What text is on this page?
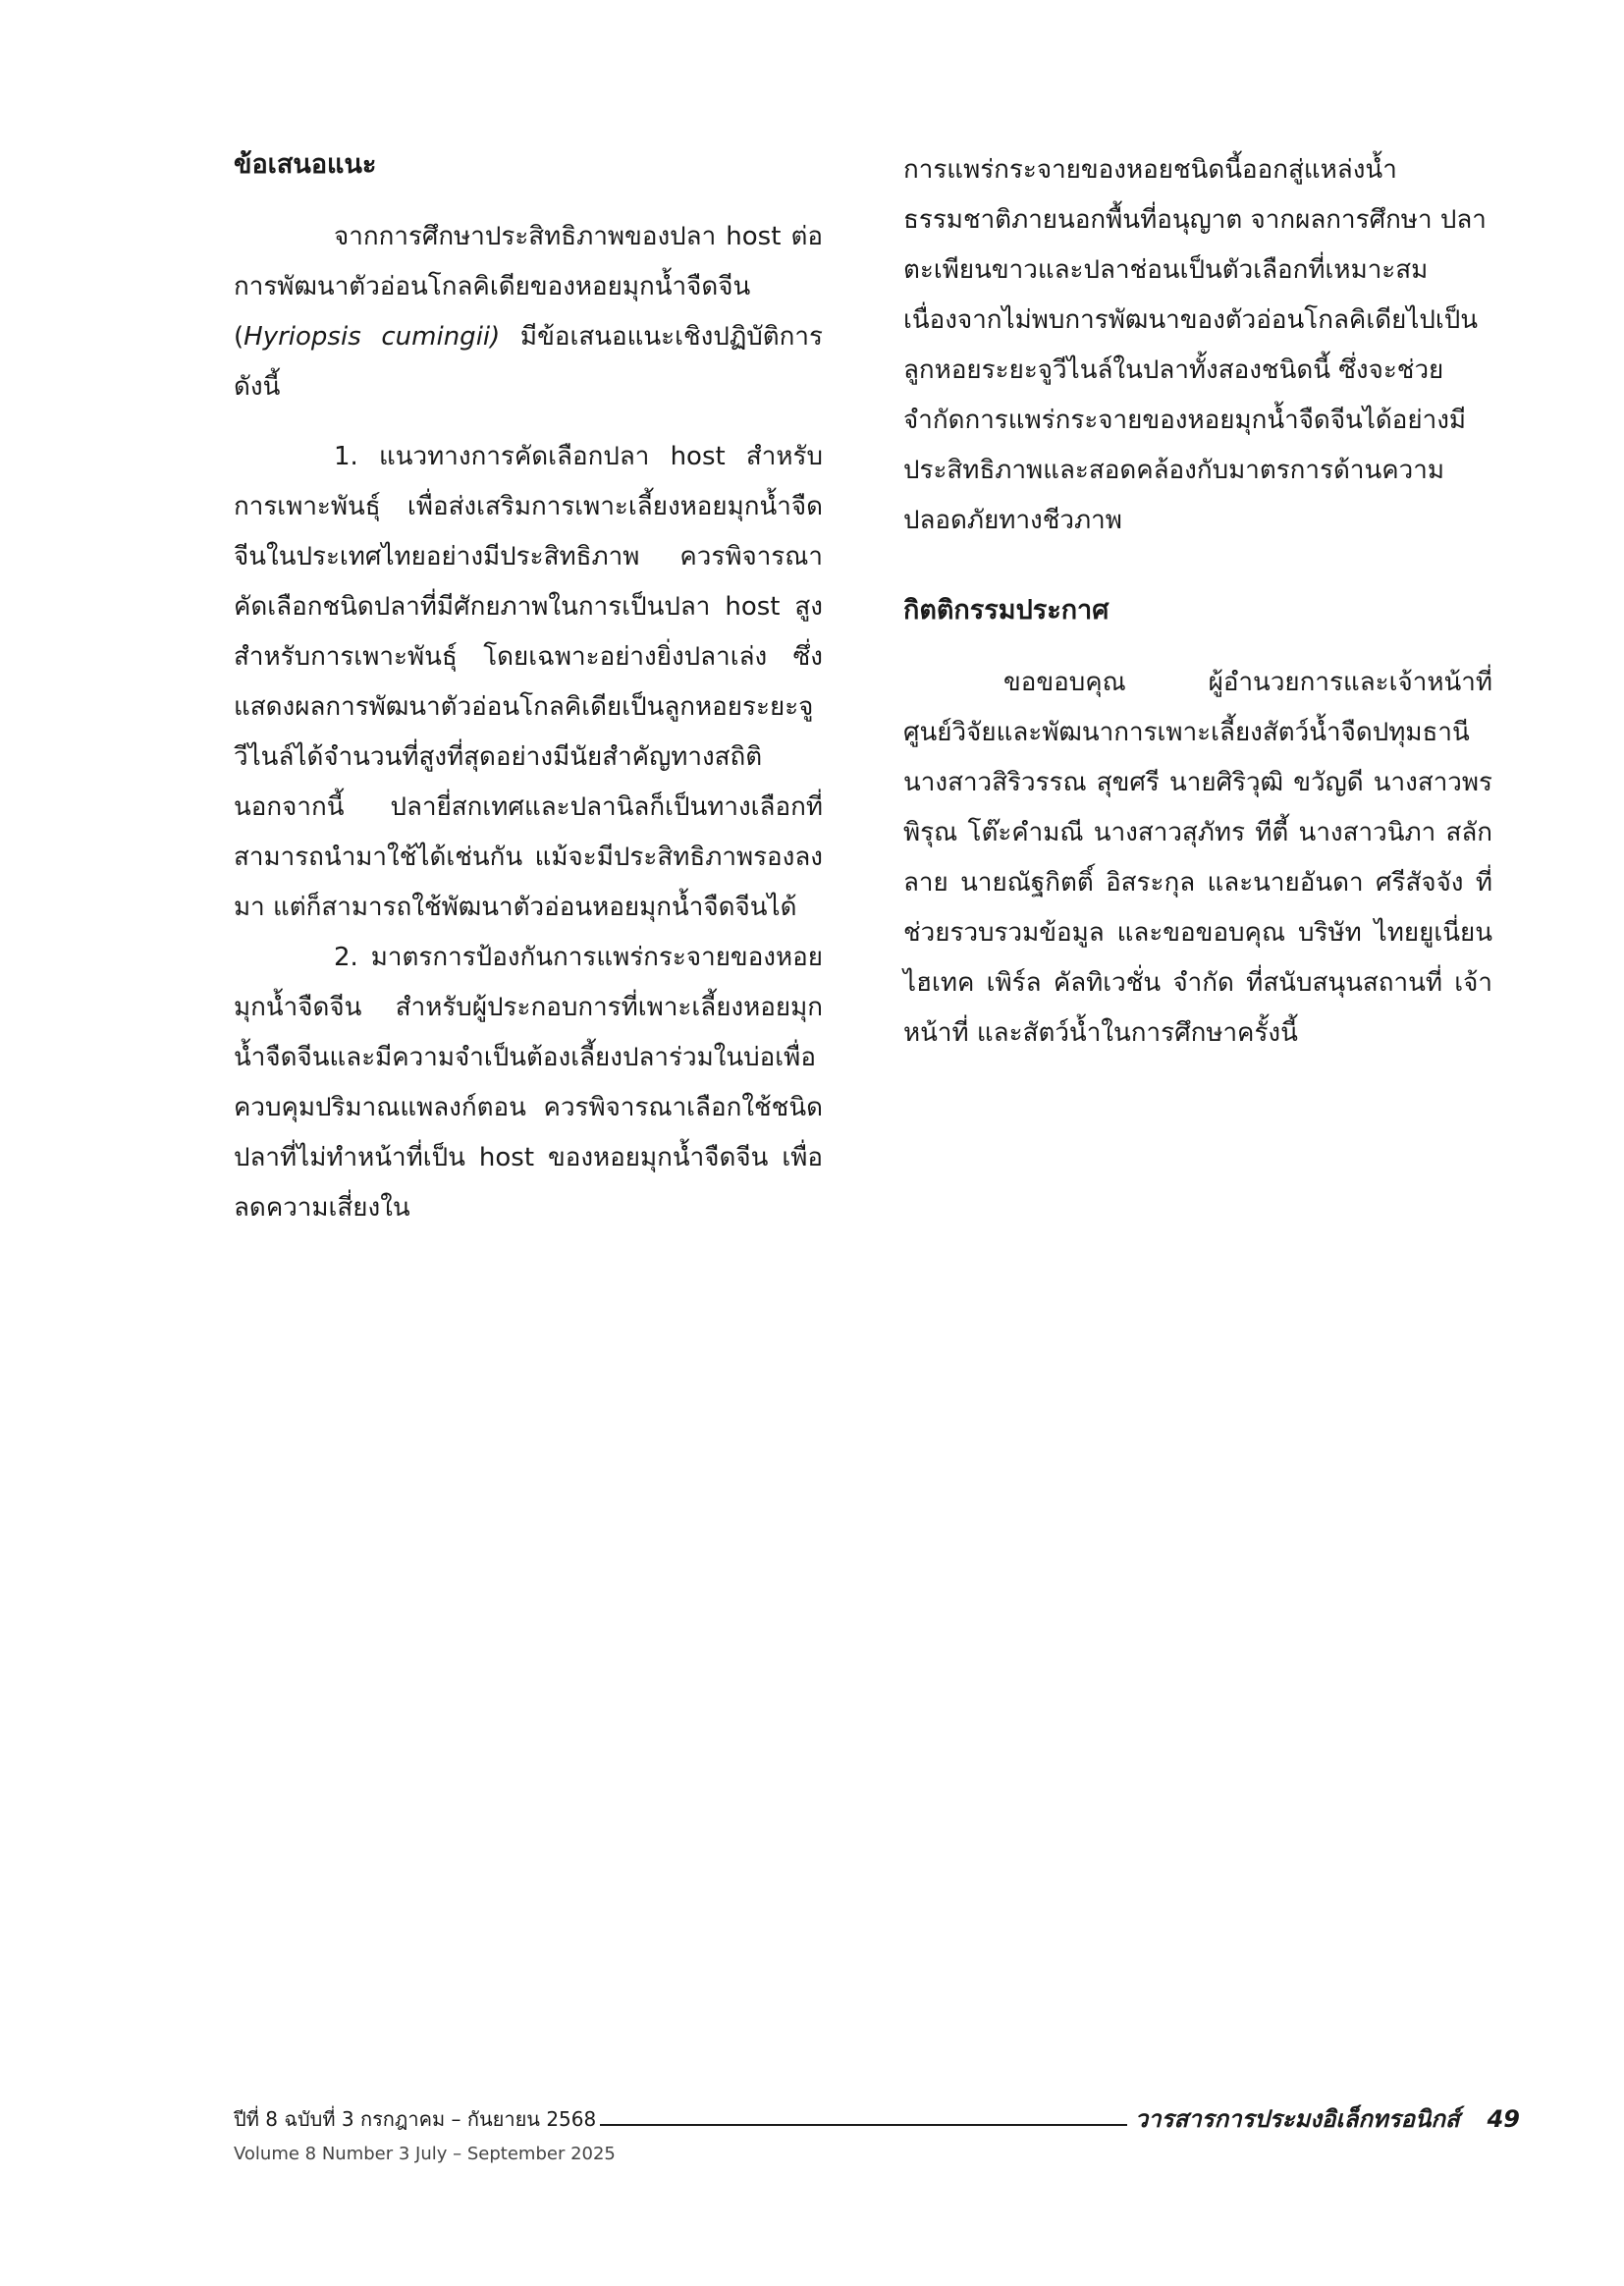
ข้อเสนอแนะ

จากการศึกษาประสิทธิภาพของปลา host ต่อการพัฒนาตัวอ่อนโกลคิเดียของหอยมุกน้ำจืดจีน (Hyriopsis cumingii) มีข้อเสนอแนะเชิงปฏิบัติการ ดังนี้

1. แนวทางการคัดเลือกปลา host สำหรับการเพาะพันธุ์ เพื่อส่งเสริมการเพาะเลี้ยงหอยมุกน้ำจืดจีนในประเทศไทยอย่างมีประสิทธิภาพ ควรพิจารณาคัดเลือกชนิดปลาที่มีศักยภาพในการเป็นปลา host สูงสำหรับการเพาะพันธุ์ โดยเฉพาะอย่างยิ่งปลาเล่ง ซึ่งแสดงผลการพัฒนาตัวอ่อนโกลคิเดียเป็นลูกหอยระยะจูวีไนล์ได้จำนวนที่สูงที่สุดอย่างมีนัยสำคัญทางสถิติ นอกจากนี้ ปลายี่สกเทศและปลานิลก็เป็นทางเลือกที่สามารถนำมาใช้ได้เช่นกัน แม้จะมีประสิทธิภาพรองลงมา แต่ก็สามารถใช้พัฒนาตัวอ่อนหอยมุกน้ำจืดจีนได้

2. มาตรการป้องกันการแพร่กระจายของหอยมุกน้ำจืดจีน สำหรับผู้ประกอบการที่เพาะเลี้ยงหอยมุกน้ำจืดจีนและมีความจำเป็นต้องเลี้ยงปลาร่วมในบ่อเพื่อควบคุมปริมาณแพลงก์ตอน ควรพิจารณาเลือกใช้ชนิดปลาที่ไม่ทำหน้าที่เป็น host ของหอยมุกน้ำจืดจีน เพื่อลดความเสี่ยงใน

การแพร่กระจายของหอยชนิดนี้ออกสู่แหล่งน้ำธรรมชาติภายนอกพื้นที่อนุญาต จากผลการศึกษา ปลาตะเพียนขาวและปลาช่อนเป็นตัวเลือกที่เหมาะสม เนื่องจากไม่พบการพัฒนาของตัวอ่อนโกลคิเดียไปเป็นลูกหอยระยะจูวีไนล์ในปลาทั้งสองชนิดนี้ ซึ่งจะช่วยจำกัดการแพร่กระจายของหอยมุกน้ำจืดจีนได้อย่างมีประสิทธิภาพและสอดคล้องกับมาตรการด้านความปลอดภัยทางชีวภาพ

กิตติกรรมประกาศ

ขอขอบคุณ ผู้อำนวยการและเจ้าหน้าที่ศูนย์วิจัยและพัฒนาการเพาะเลี้ยงสัตว์น้ำจืดปทุมธานี นางสาวสิริวรรณ สุขศรี นายศิริวุฒิ ขวัญดี นางสาวพรพิรุณ โต๊ะคำมณี นางสาวสุภัทร ทีตี้ นางสาวนิภา สลักลาย นายณัฐกิตติ์ อิสระกุล และนายอันดา ศรีสัจจัง ที่ช่วยรวบรวมข้อมูล และขอขอบคุณ บริษัท ไทยยูเนี่ยน ไฮเทค เพิร์ล คัลทิเวชั่น จำกัด ที่สนับสนุนสถานที่ เจ้าหน้าที่ และสัตว์น้ำในการศึกษาครั้งนี้

ปีที่ 8 ฉบับที่ 3 กรกฎาคม – กันยายน 2568	วารสารการประมงอิเล็กทรอนิกส์ 49
Volume 8 Number 3 July – September 2025
